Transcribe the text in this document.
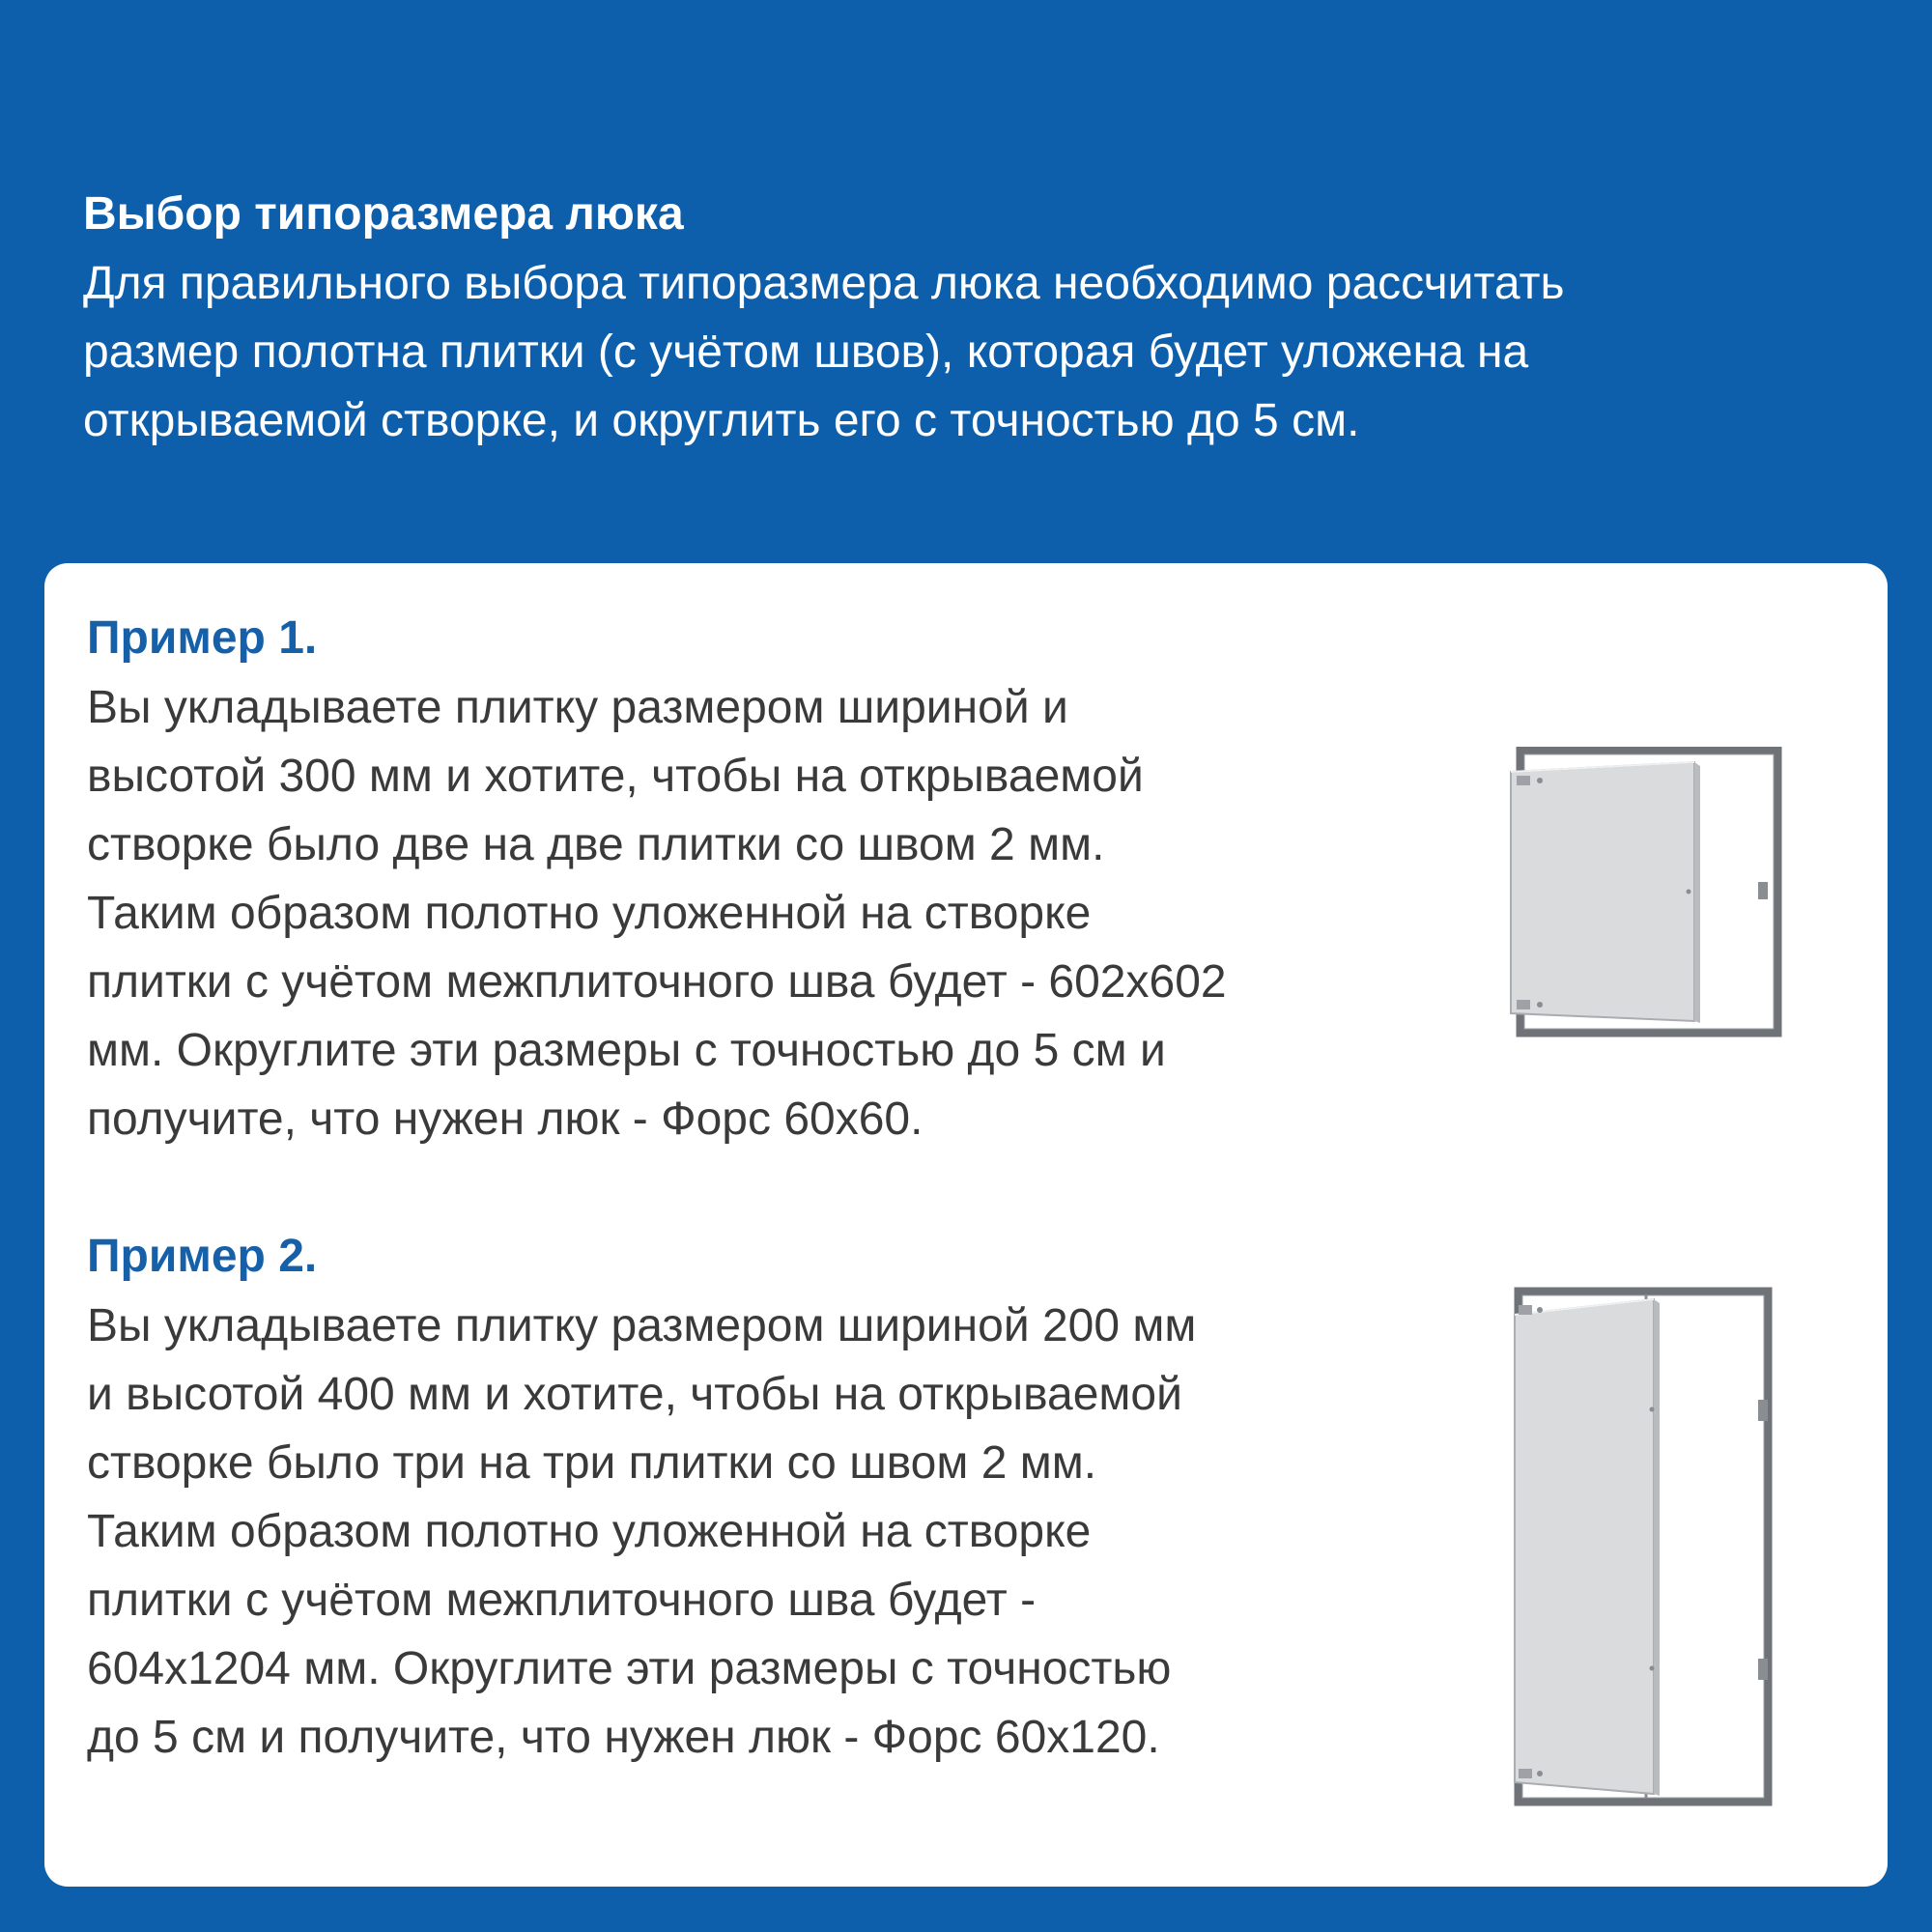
Выбор типоразмера люка
Для правильного выбора типоразмера люка необходимо рассчитать
размер полотна плитки (с учётом швов), которая будет уложена на
открываемой створке, и округлить его с точностью до 5 см.
Пример 1.
Вы укладываете плитку размером шириной и
высотой 300 мм и хотите, чтобы на открываемой
створке было две на две плитки со швом 2 мм.
Таким образом полотно уложенной на створке
плитки с учётом межплиточного шва будет - 602x602
мм. Округлите эти размеры с точностью до 5 см и
получите, что нужен люк - Форс 60x60.
Пример 2.
Вы укладываете плитку размером шириной 200 мм
и высотой 400 мм и хотите, чтобы на открываемой
створке было три на три плитки со швом 2 мм.
Таким образом полотно уложенной на створке
плитки с учётом межплиточного шва будет -
604x1204 мм. Округлите эти размеры с точностью
до 5 см и получите, что нужен люк - Форс 60x120.
